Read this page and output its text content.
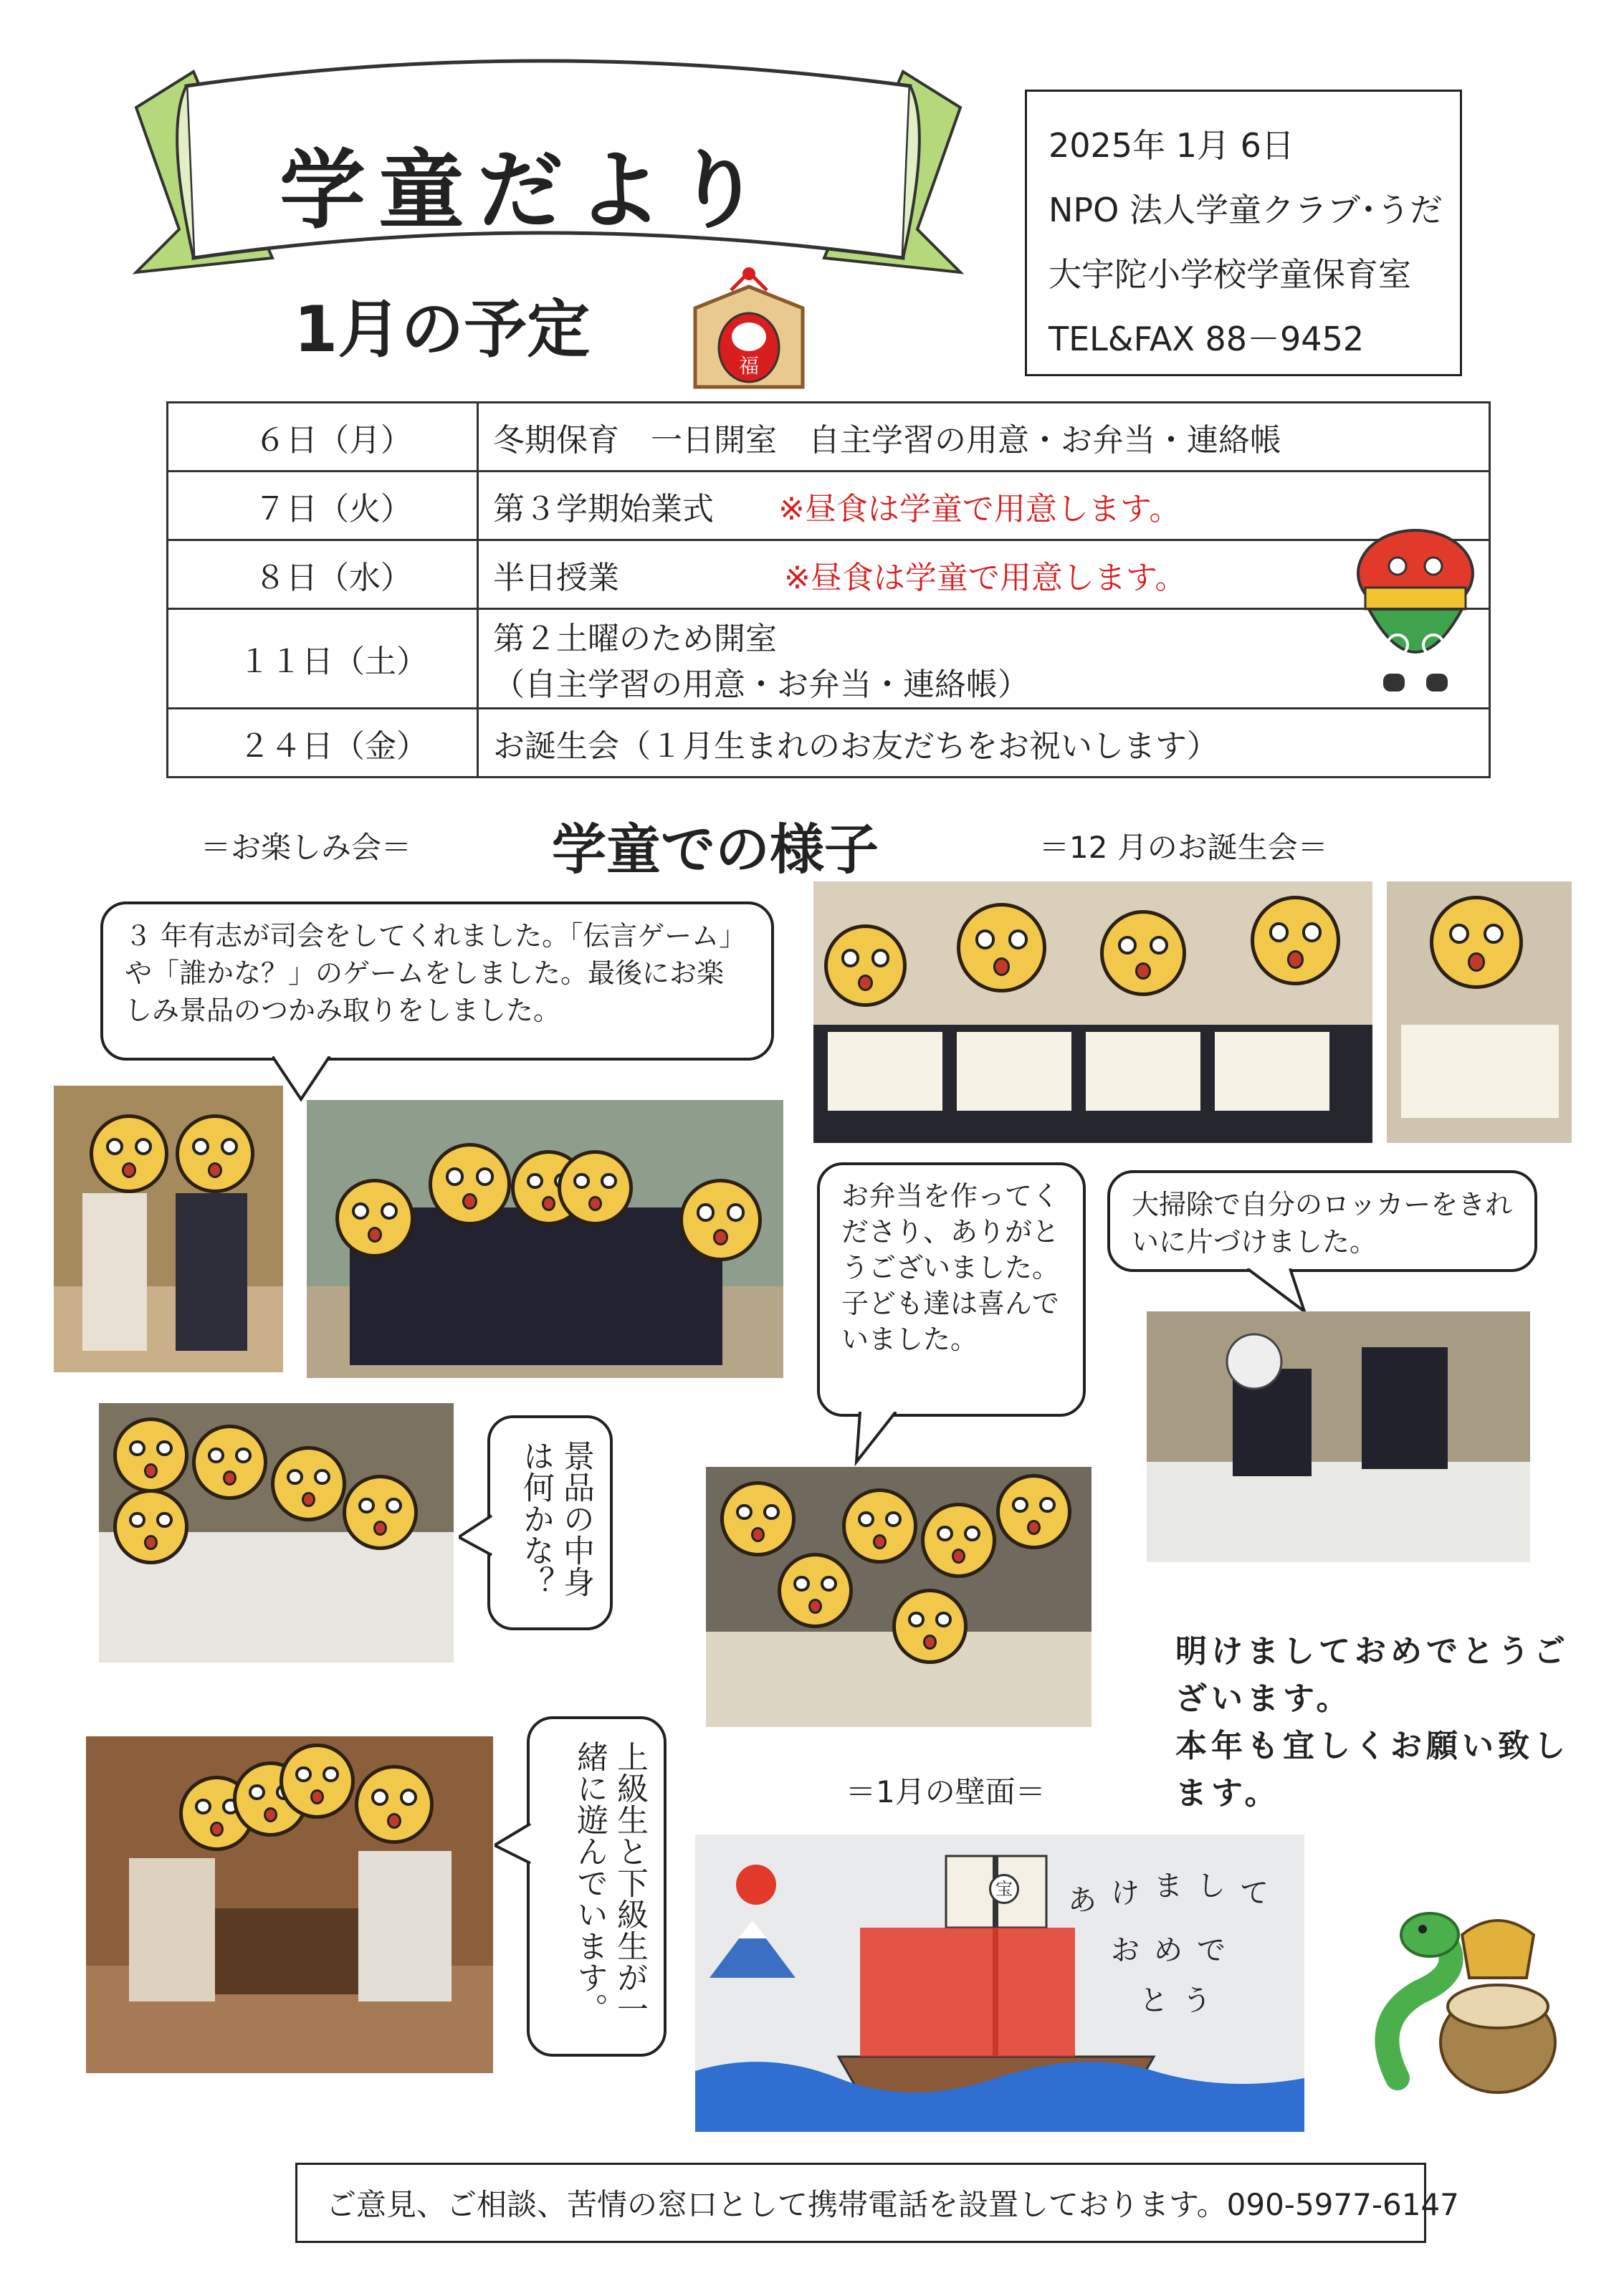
学童だより
1月の予定	福
2025年 1月 6日
NPO 法人学童クラブ･うだ
大宇陀小学校学童保育室
TEL&FAX 88－9452
６日（月）	冬期保育　一日開室　自主学習の用意・お弁当・連絡帳
７日（火）	第３学期始業式 ※昼食は学童で用意します。
８日（水）	半日授業 ※昼食は学童で用意します。
１１日（土）	第２土曜のため開室
（自主学習の用意・お弁当・連絡帳）

２４日（金）	お誕生会（１月生まれのお友だちをお祝いします）
＝お楽しみ会＝	学童での様子	＝12 月のお誕生会＝
３ 年有志が司会をしてくれました。「伝言ゲーム」や「誰かな？」のゲームをしました。最後にお楽しみ景品のつかみ取りをしました。
景品の中身は何かな？
お弁当を作ってくださり、ありがとうございました。子ども達は喜んでいました。
大掃除で自分のロッカーをきれいに片づけました。
明けましておめでとうご
ざいます。
本年も宜しくお願い致し
ます。
上級生と下級生が一緒に遊んでいます。	＝1月の壁面＝
宝 あ け ま し て
お め で
と う
ご意見、ご相談、苦情の窓口として携帯電話を設置しております。090-5977-6147
